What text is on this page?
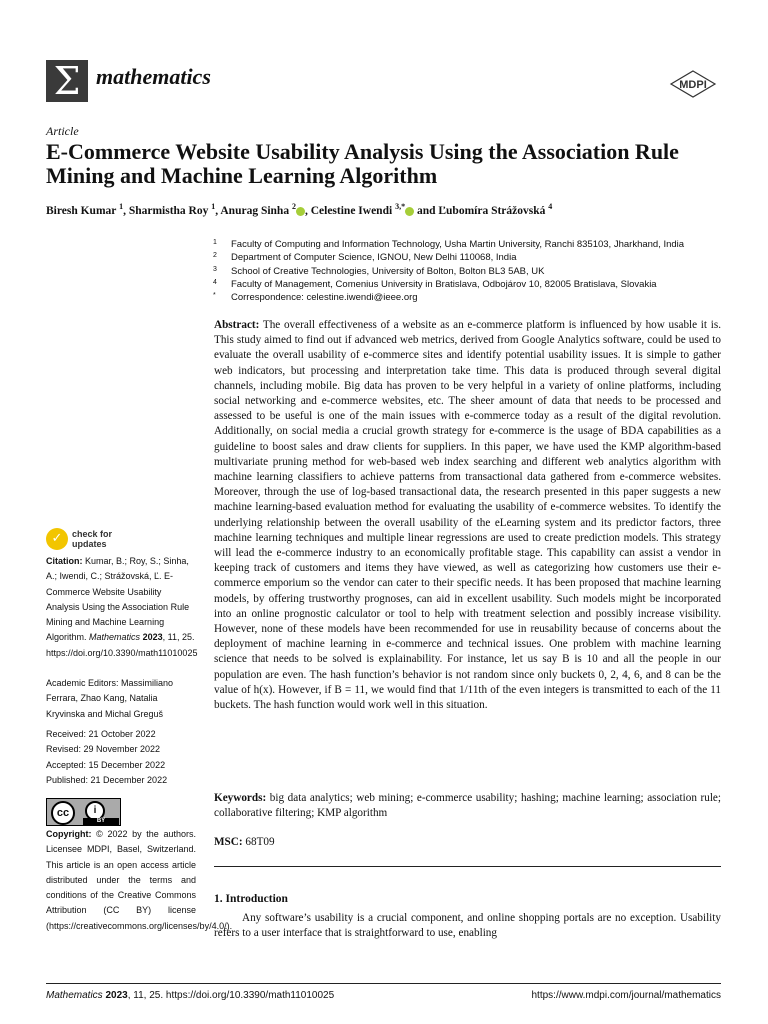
Σ mathematics	MDPI
Article
E-Commerce Website Usability Analysis Using the Association Rule Mining and Machine Learning Algorithm
Biresh Kumar $^1$, Sharmistha Roy $^1$, Anurag Sinha $^2$ , Celestine Iwendi $^{3,*}$ and Ľubomíra Strážovská $^4$
1 Faculty of Computing and Information Technology, Usha Martin University, Ranchi 835103, Jharkhand, India
2 Department of Computer Science, IGNOU, New Delhi 110068, India
3 School of Creative Technologies, University of Bolton, Bolton BL3 5AB, UK
4 Faculty of Management, Comenius University in Bratislava, Odbojárov 10, 82005 Bratislava, Slovakia
* Correspondence: celestine.iwendi@ieee.org
Abstract: The overall effectiveness of a website as an e-commerce platform is influenced by how usable it is. This study aimed to find out if advanced web metrics, derived from Google Analytics software, could be used to evaluate the overall usability of e-commerce sites and identify potential usability issues. It is simple to gather web indicators, but processing and interpretation take time. This data is produced through several digital channels, including mobile. Big data has proven to be very helpful in a variety of online platforms, including social networking and e-commerce websites, etc. The sheer amount of data that needs to be processed and assessed to be useful is one of the main issues with e-commerce today as a result of the digital revolution. Additionally, on social media a crucial growth strategy for e-commerce is the usage of BDA capabilities as a guideline to boost sales and draw clients for suppliers. In this paper, we have used the KMP algorithm-based multivariate pruning method for web-based web index searching and different web analytics algorithm with machine learning classifiers to achieve patterns from transactional data gathered from e-commerce websites. Moreover, through the use of log-based transactional data, the research presented in this paper suggests a new machine learning-based evaluation method for evaluating the usability of e-commerce websites. To identify the underlying relationship between the overall usability of the eLearning system and its predictor factors, three machine learning techniques and multiple linear regressions are used to create prediction models. This strategy will lead the e-commerce industry to an economically profitable stage. This capability can assist a vendor in keeping track of customers and items they have viewed, as well as categorizing how customers use their e-commerce emporium so the vendor can cater to their specific needs. It has been proposed that machine learning models, by offering trustworthy prognoses, can aid in excellent usability. Such models might be incorporated into an online prognostic calculator or tool to help with treatment selection and possibly increase visibility. However, none of these models have been recommended for use in reusability because of concerns about the deployment of machine learning in e-commerce and technical issues. One problem with machine learning science that needs to be solved is explainability. For instance, let us say B is 10 and all the people in our population are even. The hash function’s behavior is not random since only buckets 0, 2, 4, 6, and 8 can be the value of h(x). However, if B = 11, we would find that 1/11th of the even integers is transmitted to each of the 11 buckets. The hash function would work well in this situation.
Keywords: big data analytics; web mining; e-commerce usability; hashing; machine learning; association rule; collaborative filtering; KMP algorithm
MSC: 68T09
1. Introduction
Any software’s usability is a crucial component, and online shopping portals are no exception. Usability refers to a user interface that is straightforward to use, enabling
✓	check for
updates
Citation: Kumar, B.; Roy, S.; Sinha, A.; Iwendi, C.; Strážovská, Ľ. E-Commerce Website Usability Analysis Using the Association Rule Mining and Machine Learning Algorithm. Mathematics 2023, 11, 25. https://doi.org/10.3390/math11010025
Academic Editors: Massimiliano Ferrara, Zhao Kang, Natalia Kryvinska and Michal Greguš
Received: 21 October 2022
Revised: 29 November 2022
Accepted: 15 December 2022
Published: 21 December 2022
cc	i
BY
Copyright: © 2022 by the authors. Licensee MDPI, Basel, Switzerland. This article is an open access article distributed under the terms and conditions of the Creative Commons Attribution (CC BY) license (https://creativecommons.org/licenses/by/4.0/).
Mathematics 2023, 11, 25. https://doi.org/10.3390/math11010025	https://www.mdpi.com/journal/mathematics
